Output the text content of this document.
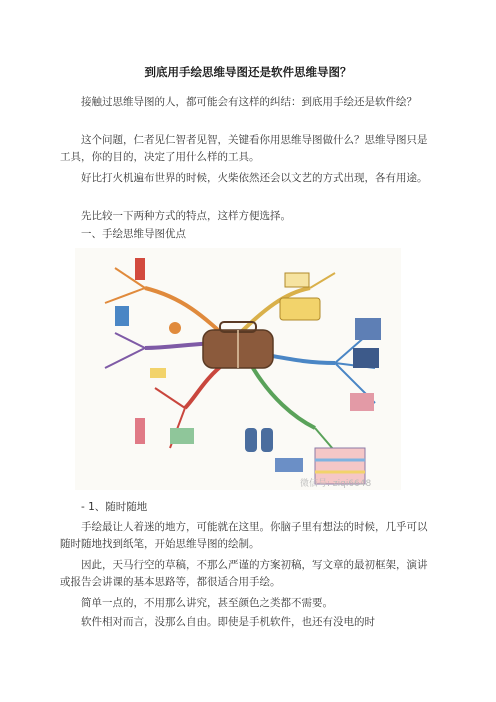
到底用手绘思维导图还是软件思维导图？

接触过思维导图的人，都可能会有这样的纠结：到底用手绘还是软件绘？

这个问题，仁者见仁智者见智，关键看你用思维导图做什么？思维导图只是工具，你的目的，决定了用什么样的工具。

好比打火机遍布世界的时候，火柴依然还会以文艺的方式出现，各有用途。

先比较一下两种方式的特点，这样方便选择。

一、手绘思维导图优点
微信号: ziqi6648
- 1、随时随地

手绘最让人着迷的地方，可能就在这里。你脑子里有想法的时候，几乎可以随时随地找到纸笔，开始思维导图的绘制。

因此，天马行空的草稿，不那么严谨的方案初稿，写文章的最初框架，演讲或报告会讲课的基本思路等，都很适合用手绘。

简单一点的，不用那么讲究，甚至颜色之类都不需要。

软件相对而言，没那么自由。即使是手机软件，也还有没电的时
